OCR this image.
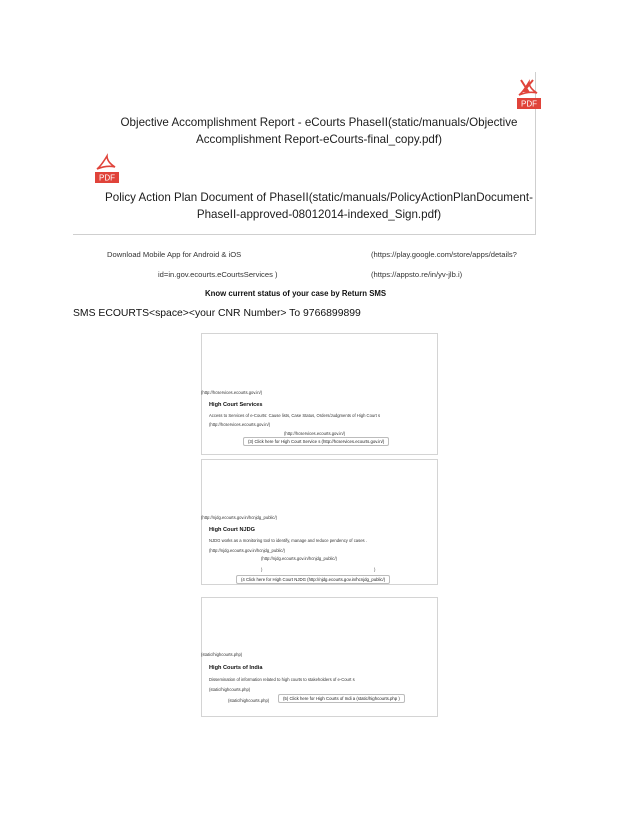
PDF
PDF
Objective Accomplishment Report - eCourts PhaseII(static/manuals/Objective
Accomplishment Report-eCourts-final_copy.pdf)
Policy Action Plan Document of PhaseII(static/manuals/PolicyActionPlanDocument-
PhaseII-approved-08012014-indexed_Sign.pdf)
Download Mobile App for Android & iOS	(https://play.google.com/store/apps/details?
id=in.gov.ecourts.eCourtsServices )	(https://appsto.re/in/yv-jlb.i)
Know current status of your case by Return SMS
SMS ECOURTS<space><your CNR Number> To 9766899899
(http://hcservices.ecourts.gov.in/)
High Court Services
Access to Services of e-Courts: Cause lists, Case Status, Orders/Judgments of High Court s
(http://hcservices.ecourts.gov.in/)
(http://hcservices.ecourts.gov.in/)
(3) Click here for High Court Service s (http://hcservices.ecourts.gov.in/)
(http://njdg.ecourts.gov.in/hcnjdg_public/)
High Court NJDG
NJDG works as a monitoring tool to identify, manage and reduce pendency of cases .
(http://njdg.ecourts.gov.in/hcnjdg_public/)
(http://njdg.ecourts.gov.in/hcnjdg_public/)
)	)
(4 Click here for High Court NJDG (http://njdg.ecourts.gov.in/hcnjdg_public/)
(static/highcourts.php)
High Courts of India
Dissemination of information related to high courts to stakeholders of e-Court s
(static/highcourts.php)
(static/highcourts.php)	(5) Click here for High Courts of Indi a (static/highcourts.php )
